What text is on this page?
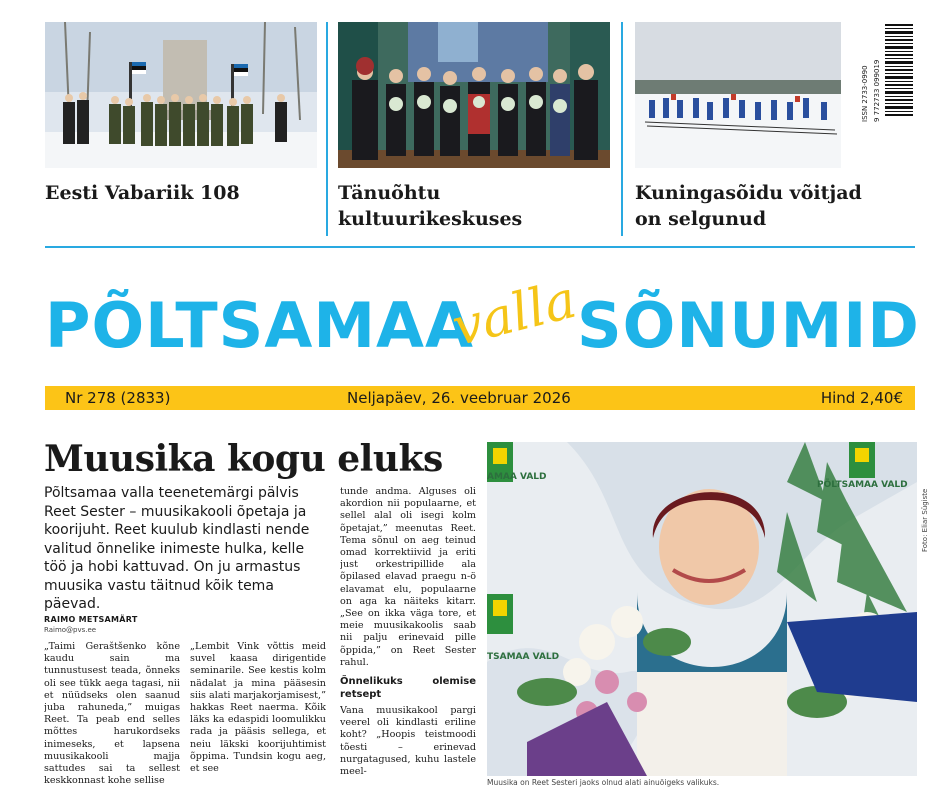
Eesti Vabariik 108	Tänuõhtu kultuurikeskuses
ISSN 2733-0990 9 772733 099019
Kuningasõidu võitjad on selgunud
PÕLTSAMAA
valla
SÕNUMID
Nr 278 (2833)	Neljapäev, 26. veebruar 2026	Hind 2,40€
Muusika kogu eluks
Põltsamaa valla teenetemärgi pälvis Reet Sester – muusikakooli õpetaja ja koorijuht. Reet kuulub kindlasti nende valitud õnnelike inimeste hulka, kelle töö ja hobi kattuvad. On ju armastus muusika vastu täitnud kõik tema päevad.
RAIMO METSAMÄRT
Raimo@pvs.ee

„Taimi Geraštšenko kõne kaudu sain ma tunnustusest teada, õnneks oli see tükk aega tagasi, nii et nüüdseks olen saanud juba rahuneda,” muigas Reet. Ta peab end selles mõttes harukordseks inimeseks, et lapsena muusikakooli majja sattudes sai ta sellest keskkonnast kohe sellise

„Lembit Vink võttis meid suvel kaasa dirigentide seminarile. See kestis kolm nädalat ja mina pääsesin siis alati marjakorjamisest,” hakkas Reet naerma. Kõik läks ka edaspidi loomulikku rada ja pääsis sellega, et neiu läkski koorijuhtimist õppima. Tundsin kogu aeg, et see

tunde andma. Alguses oli akordion nii populaarne, et sellel alal oli isegi kolm õpetajat,” meenutas Reet. Tema sõnul on aeg teinud omad korrektiivid ja eriti just orkestripillide ala õpilased elavad praegu n-ö elavamat elu, populaarne on aga ka näiteks kitarr. „See on ikka väga tore, et meie muusikakoolis saab nii palju erinevaid pille õppida,” on Reet Sester rahul.

Õnnelikuks olemise retsept

Vana muusikakool pargi veerel oli kindlasti eriline koht? „Hoopis teistmoodi tõesti – erinevad nurgatagused, kuhu lastele meel-

AMAA VALD
PÕLTSAMAA VALD
TSAMAA VALD
Foto: Eliar Sügiste
Muusika on Reet Sesteri jaoks olnud alati ainuõigeks valikuks.
